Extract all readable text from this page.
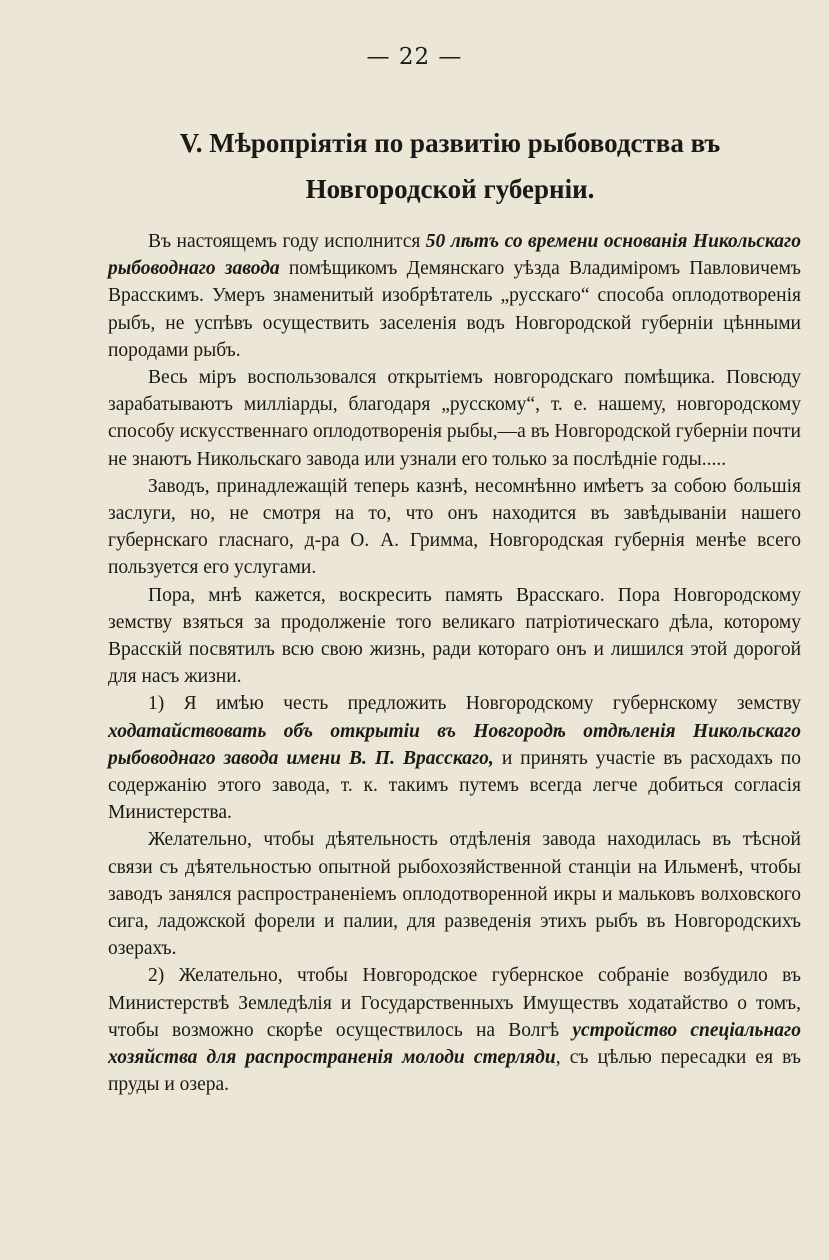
— 22 —
V. Мѣропріятія по развитію рыбоводства въ Новгородской губерніи.

Въ настоящемъ году исполнится 50 лѣтъ со времени основанія Никольскаго рыбоводнаго завода помѣщикомъ Демянскаго уѣзда Владиміромъ Павловичемъ Врасскимъ. Умеръ знаменитый изобрѣтатель „русскаго“ способа оплодотворенія рыбъ, не успѣвъ осуществить заселенія водъ Новгородской губерніи цѣнными породами рыбъ.

Весь міръ воспользовался открытіемъ новгородскаго помѣщика. Повсюду зарабатываютъ милліарды, благодаря „русскому“, т. е. нашему, новгородскому способу искусственнаго оплодотворенія рыбы,—а въ Новгородской губерніи почти не знаютъ Никольскаго завода или узнали его только за послѣдніе годы.....

Заводъ, принадлежащій теперь казнѣ, несомнѣнно имѣетъ за собою большія заслуги, но, не смотря на то, что онъ находится въ завѣдываніи нашего губернскаго гласнаго, д-ра О. А. Гримма, Новгородская губернія менѣе всего пользуется его услугами.

Пора, мнѣ кажется, воскресить память Врасскаго. Пора Новгородскому земству взяться за продолженіе того великаго патріотическаго дѣла, которому Врасскій посвятилъ всю свою жизнь, ради котораго онъ и лишился этой дорогой для насъ жизни.

1) Я имѣю честь предложить Новгородскому губернскому земству ходатайствовать объ открытіи въ Новгородѣ отдѣленія Никольскаго рыбоводнаго завода имени В. П. Врасскаго, и принять участіе въ расходахъ по содержанію этого завода, т. к. такимъ путемъ всегда легче добиться согласія Министерства.

Желательно, чтобы дѣятельность отдѣленія завода находилась въ тѣсной связи съ дѣятельностью опытной рыбохозяйственной станціи на Ильменѣ, чтобы заводъ занялся распространеніемъ оплодотворенной икры и мальковъ волховского сига, ладожской форели и палии, для разведенія этихъ рыбъ въ Новгородскихъ озерахъ.

2) Желательно, чтобы Новгородское губернское собраніе возбудило въ Министерствѣ Земледѣлія и Государственныхъ Имуществъ ходатайство о томъ, чтобы возможно скорѣе осуществилось на Волгѣ устройство спеціальнаго хозяйства для распространенія молоди стерляди, съ цѣлью пересадки ея въ пруды и озера.
